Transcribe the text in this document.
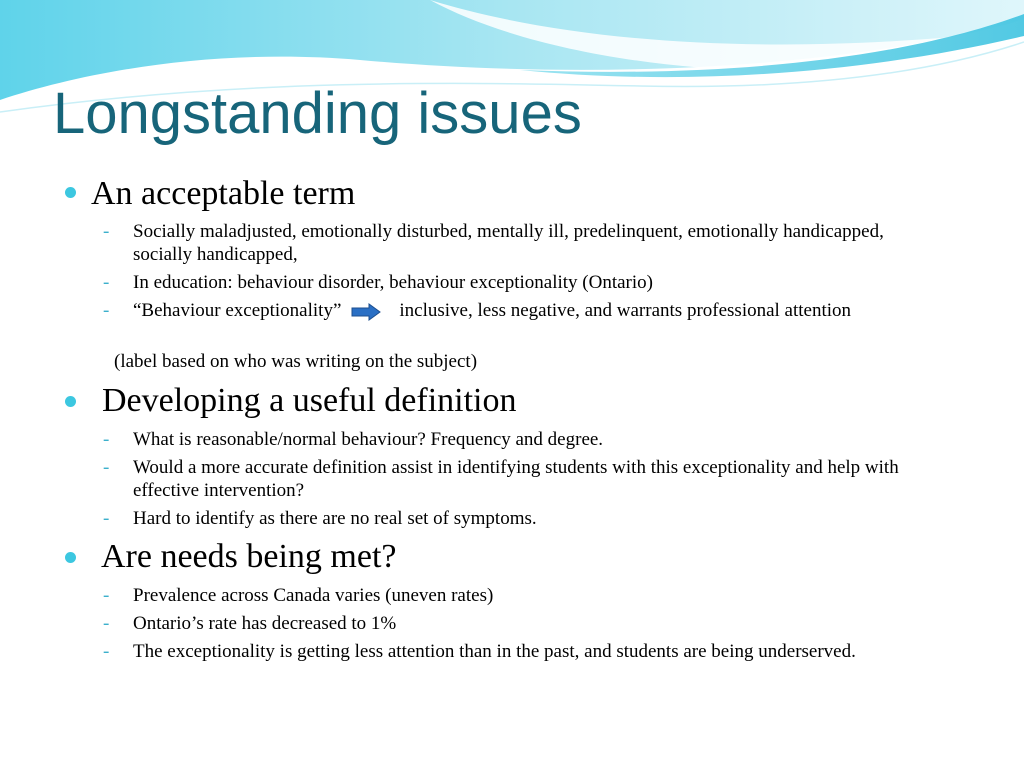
Longstanding issues
An acceptable term
- Socially maladjusted, emotionally disturbed, mentally ill, predelinquent, emotionally handicapped, socially handicapped,
- In education: behaviour disorder, behaviour exceptionality (Ontario)
- “Behaviour exceptionality”	inclusive, less negative, and warrants professional attention
(label based on who was writing on the subject)
Developing a useful definition
- What is reasonable/normal behaviour? Frequency and degree.
- Would a more accurate definition assist in identifying students with this exceptionality and help with effective intervention?
- Hard to identify as there are no real set of symptoms.
Are needs being met?
- Prevalence across Canada varies (uneven rates)
- Ontario’s rate has decreased to 1%
- The exceptionality is getting less attention than in the past, and students are being underserved.
